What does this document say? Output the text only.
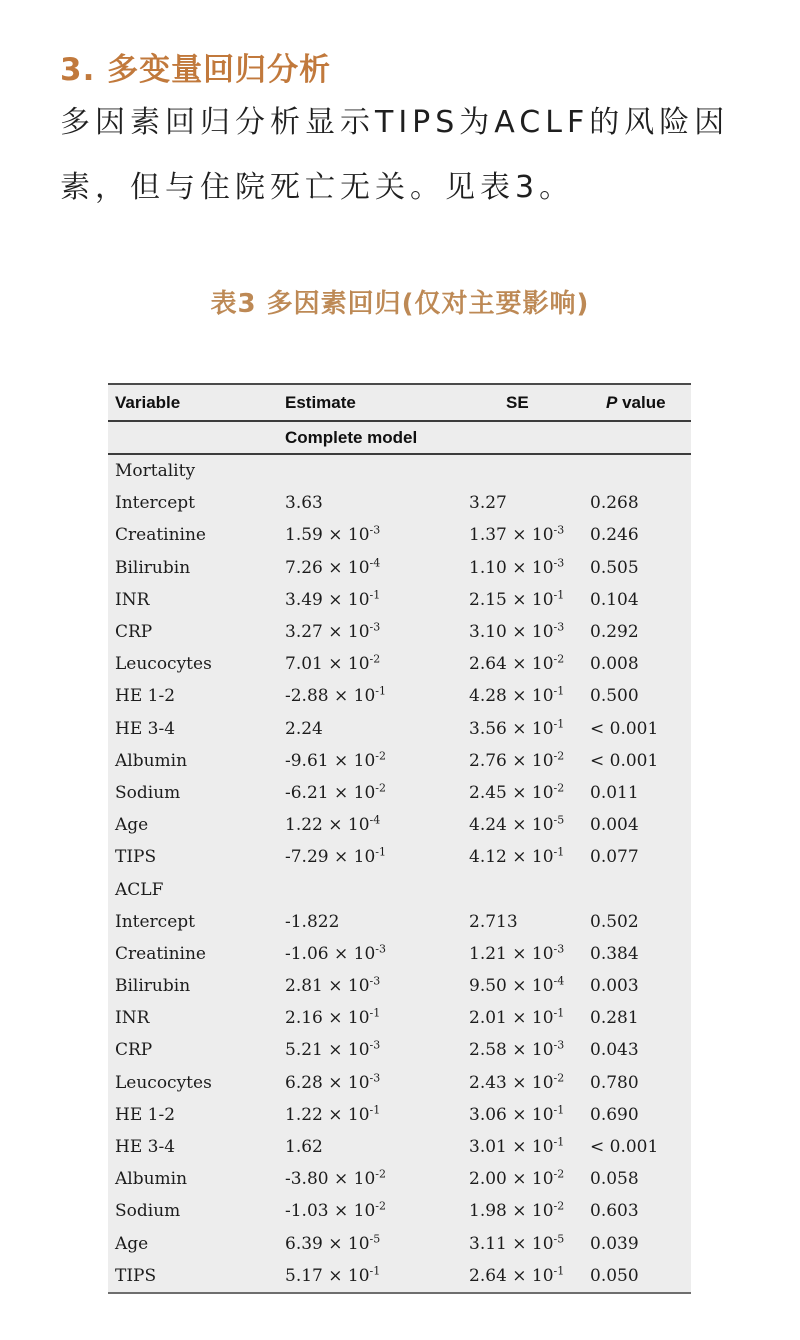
3. 多变量回归分析

多因素回归分析显示TIPS为ACLF的风险因素，但与住院死亡无关。见表3。

表3 多因素回归(仅对主要影响)
Variable	Estimate	SE	P value
Complete model
Mortality
Intercept	3.63	3.27	0.268
Creatinine	$1.59 \times 10^{-3}$	$1.37 \times 10^{-3}$	0.246
Bilirubin	$7.26 \times 10^{-4}$	$1.10 \times 10^{-3}$	0.505
INR	$3.49 \times 10^{-1}$	$2.15 \times 10^{-1}$	0.104
CRP	$3.27 \times 10^{-3}$	$3.10 \times 10^{-3}$	0.292
Leucocytes	$7.01 \times 10^{-2}$	$2.64 \times 10^{-2}$	0.008
HE 1-2	$-2.88 \times 10^{-1}$	$4.28 \times 10^{-1}$	0.500
HE 3-4	2.24	$3.56 \times 10^{-1}$	< 0.001
Albumin	$-9.61 \times 10^{-2}$	$2.76 \times 10^{-2}$	< 0.001
Sodium	$-6.21 \times 10^{-2}$	$2.45 \times 10^{-2}$	0.011
Age	$1.22 \times 10^{-4}$	$4.24 \times 10^{-5}$	0.004
TIPS	$-7.29 \times 10^{-1}$	$4.12 \times 10^{-1}$	0.077
ACLF
Intercept	-1.822	2.713	0.502
Creatinine	$-1.06 \times 10^{-3}$	$1.21 \times 10^{-3}$	0.384
Bilirubin	$2.81 \times 10^{-3}$	$9.50 \times 10^{-4}$	0.003
INR	$2.16 \times 10^{-1}$	$2.01 \times 10^{-1}$	0.281
CRP	$5.21 \times 10^{-3}$	$2.58 \times 10^{-3}$	0.043
Leucocytes	$6.28 \times 10^{-3}$	$2.43 \times 10^{-2}$	0.780
HE 1-2	$1.22 \times 10^{-1}$	$3.06 \times 10^{-1}$	0.690
HE 3-4	1.62	$3.01 \times 10^{-1}$	< 0.001
Albumin	$-3.80 \times 10^{-2}$	$2.00 \times 10^{-2}$	0.058
Sodium	$-1.03 \times 10^{-2}$	$1.98 \times 10^{-2}$	0.603
Age	$6.39 \times 10^{-5}$	$3.11 \times 10^{-5}$	0.039
TIPS	$5.17 \times 10^{-1}$	$2.64 \times 10^{-1}$	0.050
